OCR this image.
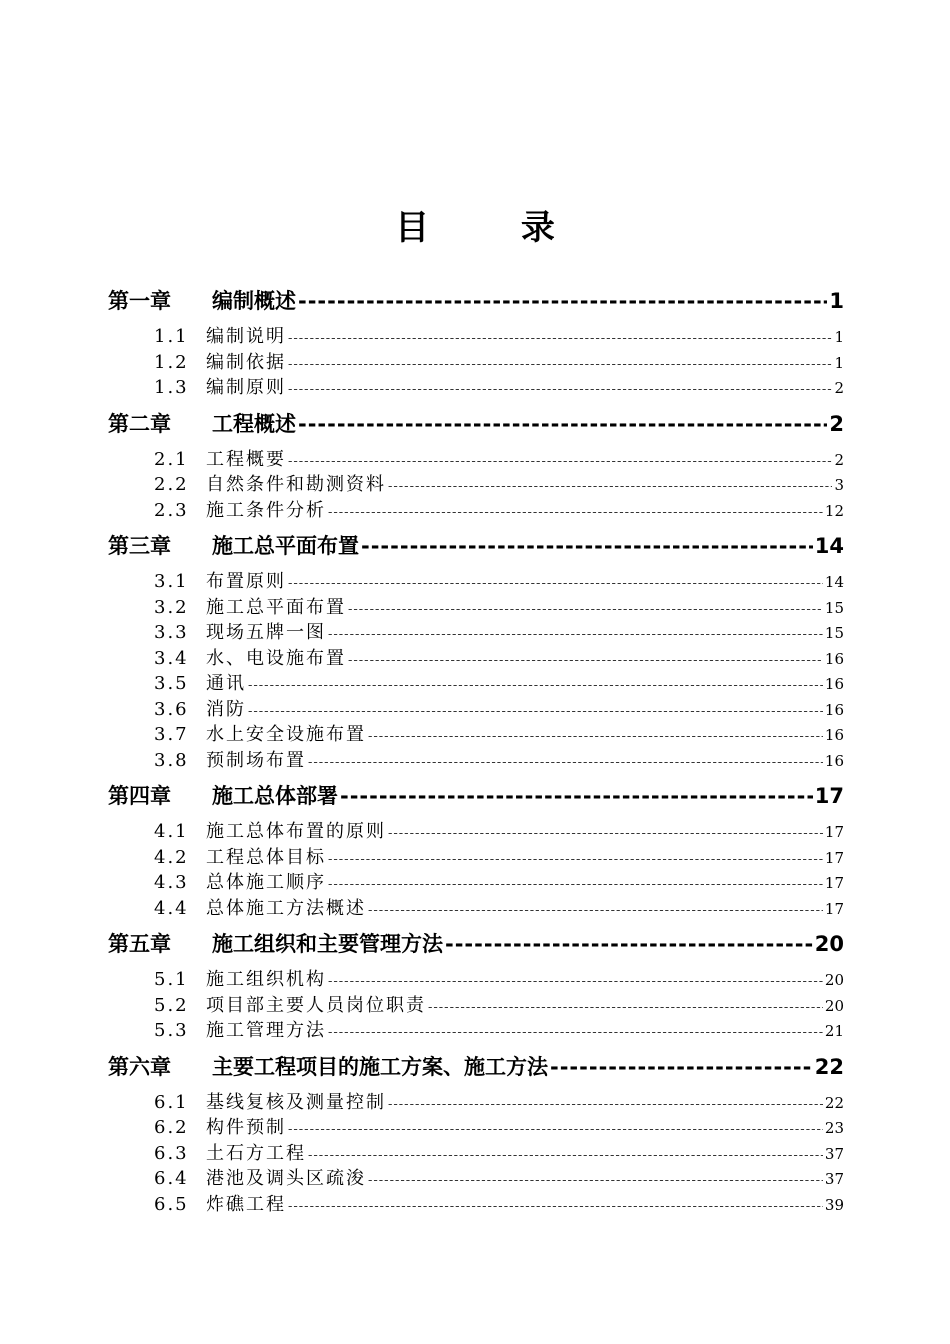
目 录
第一章	编制概述 -----	1
1.1 编制说明 -----	1
1.2 编制依据 -----	1
1.3 编制原则 -----	2
第二章	工程概述 -----	2
2.1 工程概要 -----	2
2.2 自然条件和勘测资料 -----	3
2.3 施工条件分析 -----	12
第三章	施工总平面布置 -----	14
3.1 布置原则 -----	14
3.2 施工总平面布置 -----	15
3.3 现场五牌一图 -----	15
3.4 水、电设施布置 -----	16
3.5 通讯 -----	16
3.6 消防 -----	16
3.7 水上安全设施布置 -----	16
3.8 预制场布置 -----	16
第四章	施工总体部署 -----	17
4.1 施工总体布置的原则 -----	17
4.2 工程总体目标 -----	17
4.3 总体施工顺序 -----	17
4.4 总体施工方法概述 -----	17
第五章	施工组织和主要管理方法 -----	20
5.1 施工组织机构 -----	20
5.2 项目部主要人员岗位职责 -----	20
5.3 施工管理方法 -----	21
第六章	主要工程项目的施工方案、施工方法 -----	22
6.1 基线复核及测量控制 -----	22
6.2 构件预制 -----	23
6.3 土石方工程 -----	37
6.4 港池及调头区疏浚 -----	37
6.5 炸礁工程 -----	39
